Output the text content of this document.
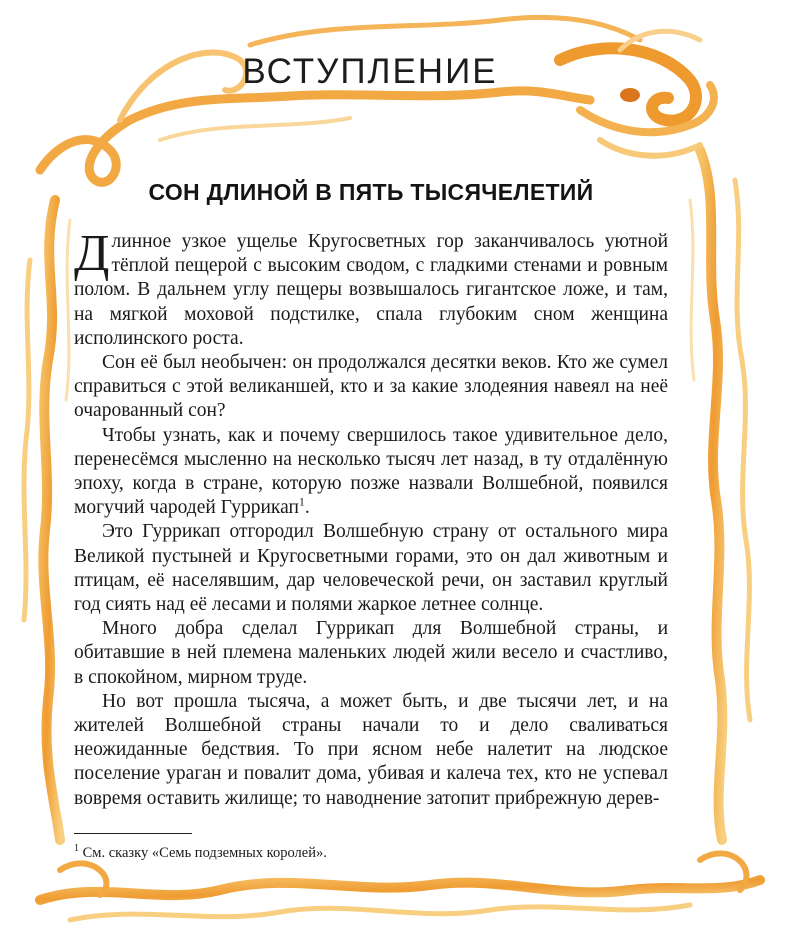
ВСТУПЛЕНИЕ
СОН ДЛИНОЙ В ПЯТЬ ТЫСЯЧЕЛЕТИЙ

Длинное узкое ущелье Кругосветных гор заканчивалось уютной тёплой пещерой с высоким сводом, с гладкими стенами и ровным полом. В дальнем углу пещеры возвышалось гигантское ложе, и там, на мягкой моховой подстилке, спала глубоким сном женщина исполинского роста.

Сон её был необычен: он продолжался десятки веков. Кто же сумел справиться с этой великаншей, кто и за какие злодеяния навеял на неё очарованный сон?

Чтобы узнать, как и почему свершилось такое удивительное дело, перенесёмся мысленно на несколько тысяч лет назад, в ту отдалённую эпоху, когда в стране, которую позже назвали Волшебной, появился могучий чародей Гуррикап$^1$.

Это Гуррикап отгородил Волшебную страну от остального мира Великой пустыней и Кругосветными горами, это он дал животным и птицам, её населявшим, дар человеческой речи, он заставил круглый год сиять над её лесами и полями жаркое летнее солнце.

Много добра сделал Гуррикап для Волшебной страны, и обитавшие в ней племена маленьких людей жили весело и счастливо, в спокойном, мирном труде.

Но вот прошла тысяча, а может быть, и две тысячи лет, и на жителей Волшебной страны начали то и дело сваливаться неожиданные бедствия. То при ясном небе налетит на людское поселение ураган и повалит дома, убивая и калеча тех, кто не успевал вовремя оставить жилище; то наводнение затопит прибрежную дерев-

$^1$ См. сказку «Семь подземных королей».
